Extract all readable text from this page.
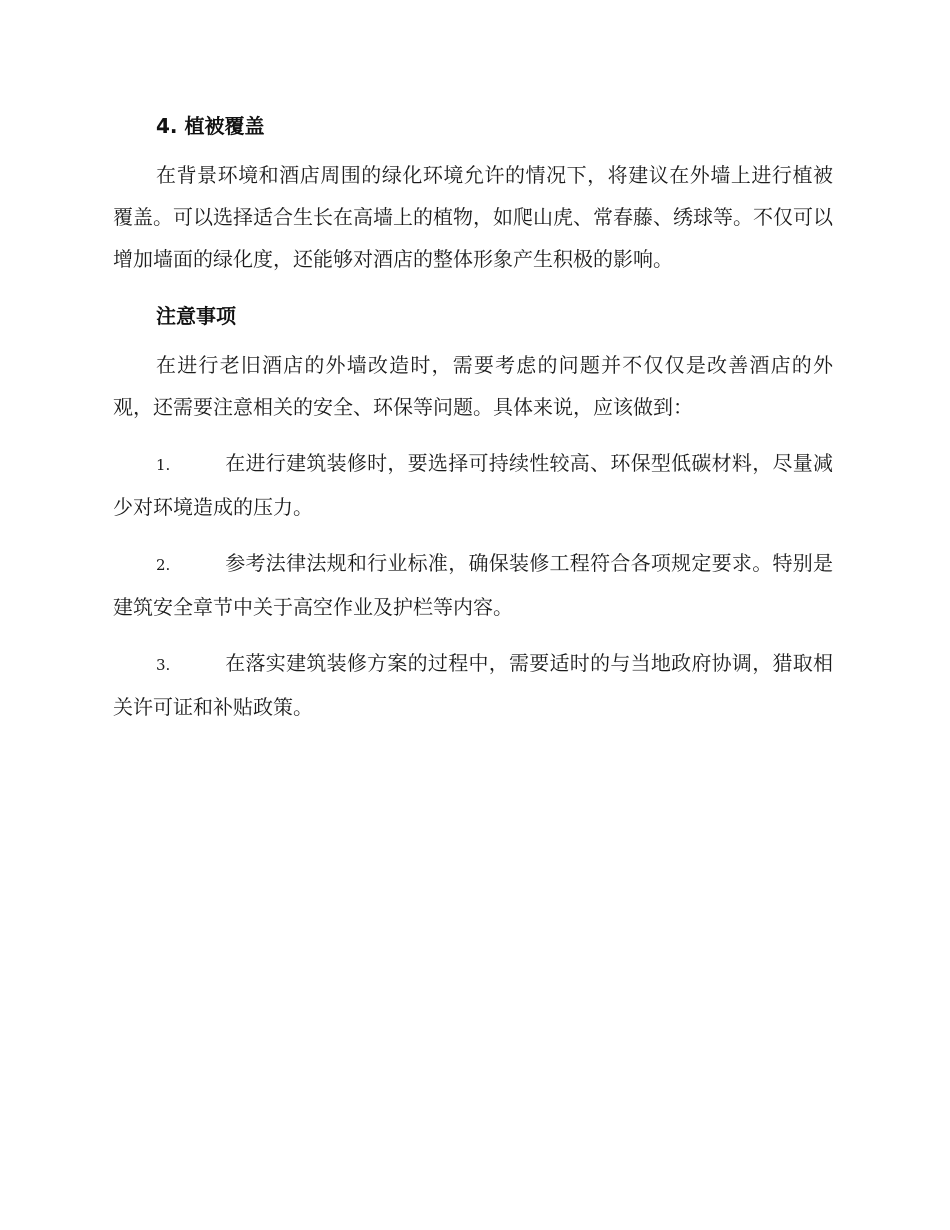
4. 植被覆盖

在背景环境和酒店周围的绿化环境允许的情况下，将建议在外墙上进行植被覆盖。可以选择适合生长在高墙上的植物，如爬山虎、常春藤、绣球等。不仅可以增加墙面的绿化度，还能够对酒店的整体形象产生积极的影响。

注意事项

在进行老旧酒店的外墙改造时，需要考虑的问题并不仅仅是改善酒店的外观，还需要注意相关的安全、环保等问题。具体来说，应该做到：

1.	在进行建筑装修时，要选择可持续性较高、环保型低碳材料，尽量减少对环境造成的压力。

2.	参考法律法规和行业标准，确保装修工程符合各项规定要求。特别是建筑安全章节中关于高空作业及护栏等内容。

3.	在落实建筑装修方案的过程中，需要适时的与当地政府协调，猎取相关许可证和补贴政策。
